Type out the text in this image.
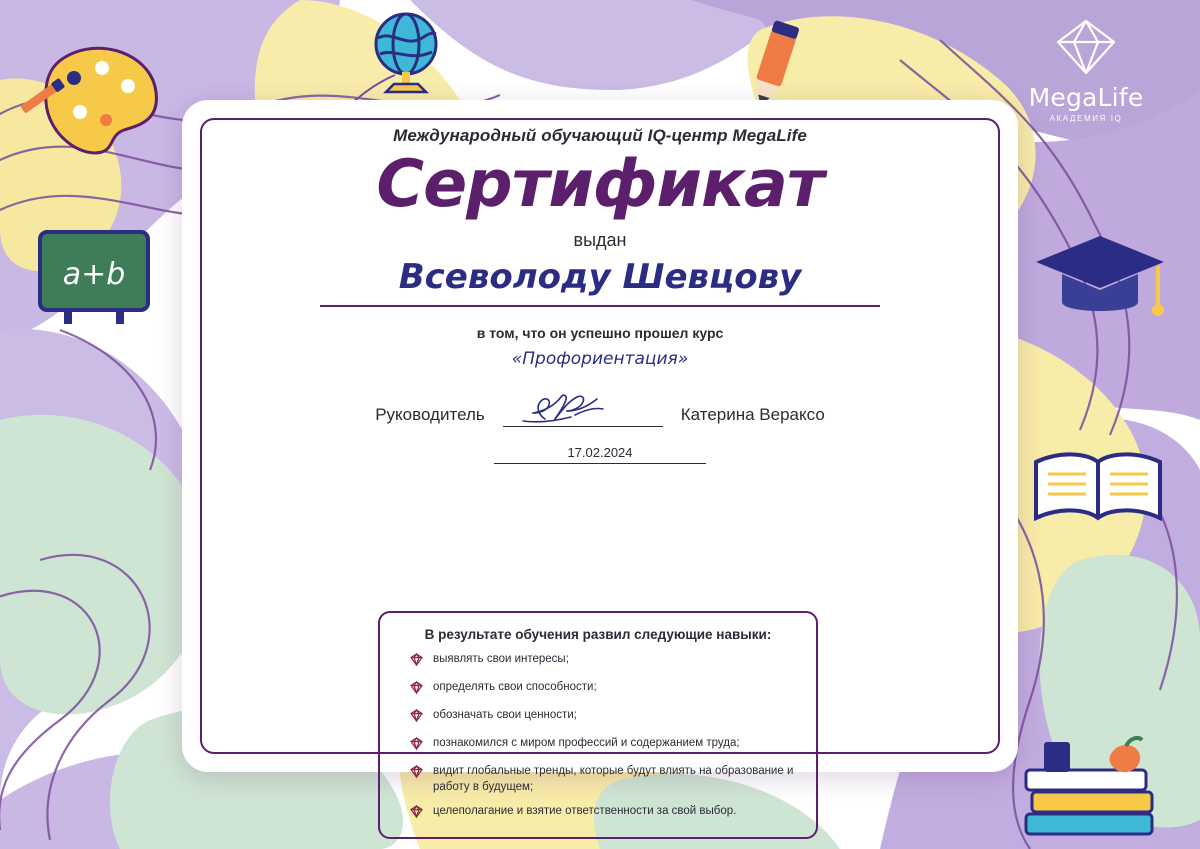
a+b
MegaLife
АКАДЕМИЯ IQ
Международный обучающий IQ-центр MegaLife
Сертификат
выдан
Всеволоду Шевцову
в том, что он успешно прошел курс
«Профориентация»
Руководитель	Катерина Вераксо
17.02.2024
В результате обучения развил следующие навыки:
выявлять свои интересы;
определять свои способности;
обозначать свои ценности;
познакомился с миром профессий и содержанием труда;
видит глобальные тренды, которые будут влиять на образование и работу в будущем;
целеполагание и взятие ответственности за свой выбор.
